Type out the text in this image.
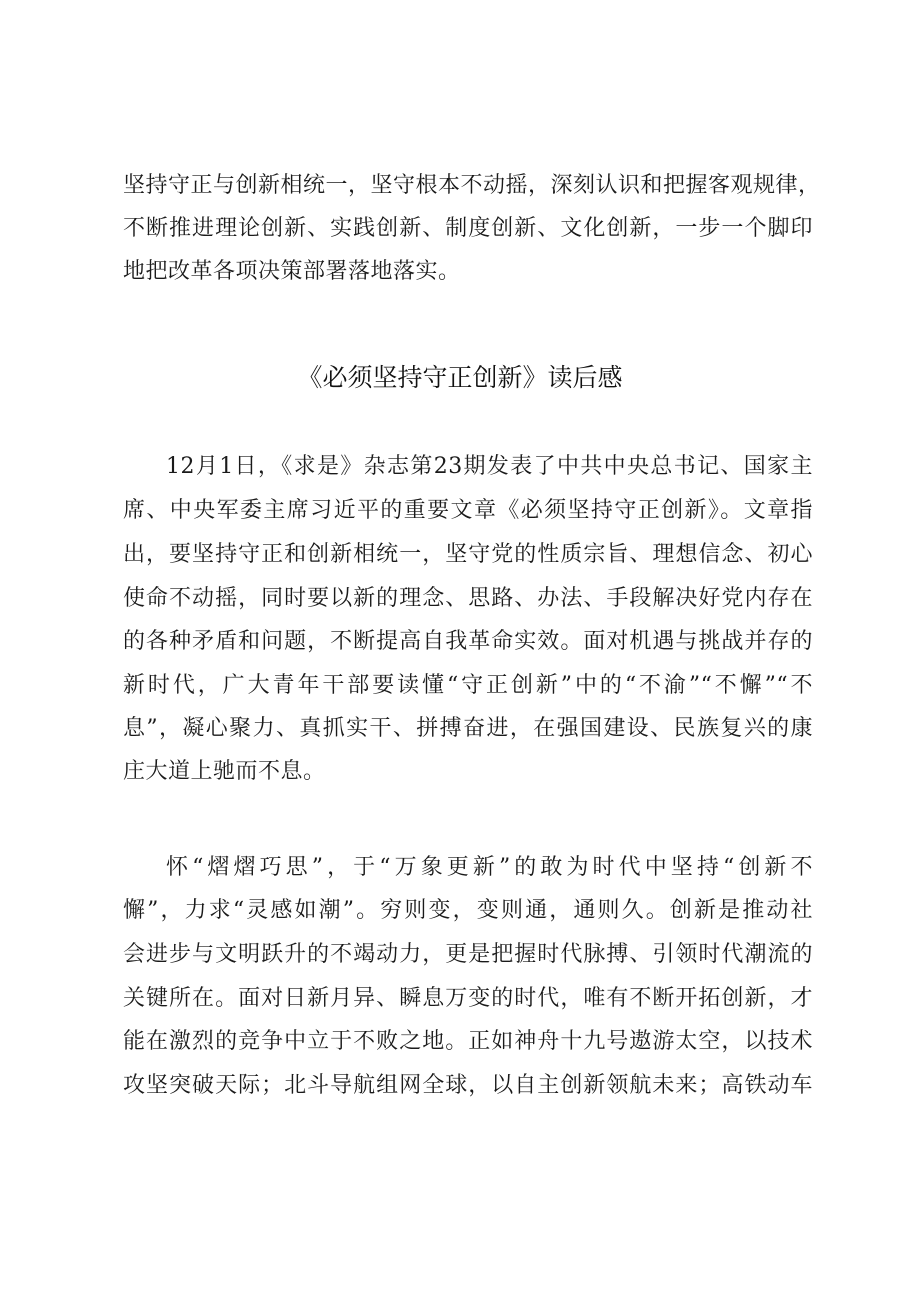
坚持守正与创新相统一，坚守根本不动摇，深刻认识和把握客观规律，
不断推进理论创新、实践创新、制度创新、文化创新，一步一个脚印
地把改革各项决策部署落地落实。
《必须坚持守正创新》读后感
12月1日，《求是》杂志第23期发表了中共中央总书记、国家主
席、中央军委主席习近平的重要文章《必须坚持守正创新》。文章指
出，要坚持守正和创新相统一，坚守党的性质宗旨、理想信念、初心
使命不动摇，同时要以新的理念、思路、办法、手段解决好党内存在
的各种矛盾和问题，不断提高自我革命实效。面对机遇与挑战并存的
新时代，广大青年干部要读懂“守正创新”中的“不渝”“不懈”“不
息”，凝心聚力、真抓实干、拼搏奋进，在强国建设、民族复兴的康
庄大道上驰而不息。
怀“熠熠巧思”，于“万象更新”的敢为时代中坚持“创新不
懈”，力求“灵感如潮”。穷则变，变则通，通则久。创新是推动社
会进步与文明跃升的不竭动力，更是把握时代脉搏、引领时代潮流的
关键所在。面对日新月异、瞬息万变的时代，唯有不断开拓创新，才
能在激烈的竞争中立于不败之地。正如神舟十九号遨游太空，以技术
攻坚突破天际；北斗导航组网全球，以自主创新领航未来；高铁动车
